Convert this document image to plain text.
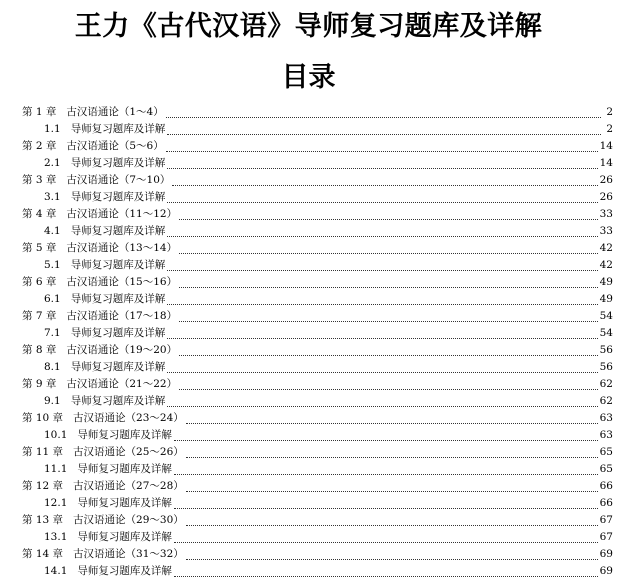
王力《古代汉语》导师复习题库及详解
目录
第 1 章 古汉语通论（1～4）	2
1.1 导师复习题库及详解	2
第 2 章 古汉语通论（5～6）	14
2.1 导师复习题库及详解	14
第 3 章 古汉语通论（7～10）	26
3.1 导师复习题库及详解	26
第 4 章 古汉语通论（11～12）	33
4.1 导师复习题库及详解	33
第 5 章 古汉语通论（13～14）	42
5.1 导师复习题库及详解	42
第 6 章 古汉语通论（15～16）	49
6.1 导师复习题库及详解	49
第 7 章 古汉语通论（17～18）	54
7.1 导师复习题库及详解	54
第 8 章 古汉语通论（19～20）	56
8.1 导师复习题库及详解	56
第 9 章 古汉语通论（21～22）	62
9.1 导师复习题库及详解	62
第 10 章 古汉语通论（23～24）	63
10.1 导师复习题库及详解	63
第 11 章 古汉语通论（25～26）	65
11.1 导师复习题库及详解	65
第 12 章 古汉语通论（27～28）	66
12.1 导师复习题库及详解	66
第 13 章 古汉语通论（29～30）	67
13.1 导师复习题库及详解	67
第 14 章 古汉语通论（31～32）	69
14.1 导师复习题库及详解	69
